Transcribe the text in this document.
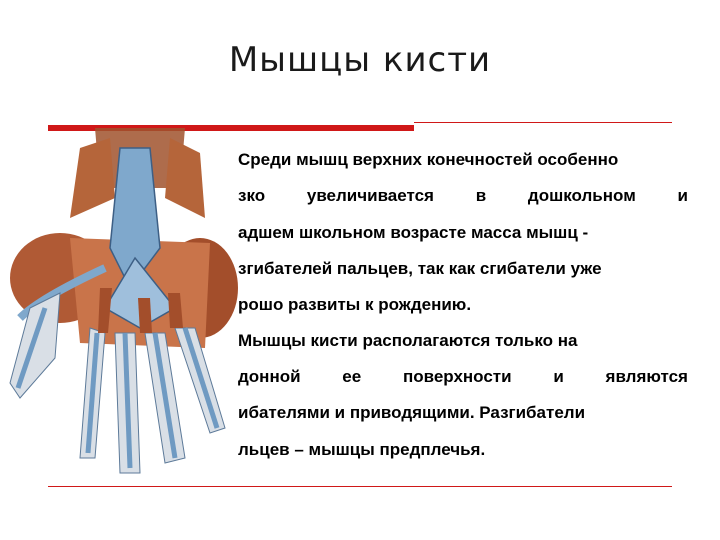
Мышцы кисти
Среди мышц верхних конечностей особенно
зко увеличивается в дошкольном и
адшем школьном возрасте масса мышц -
згибателей пальцев, так как сгибатели уже
рошо развиты к рождению.
Мышцы кисти располагаются только на
донной ее поверхности и являются
ибателями и приводящими. Разгибатели
льцев – мышцы предплечья.
